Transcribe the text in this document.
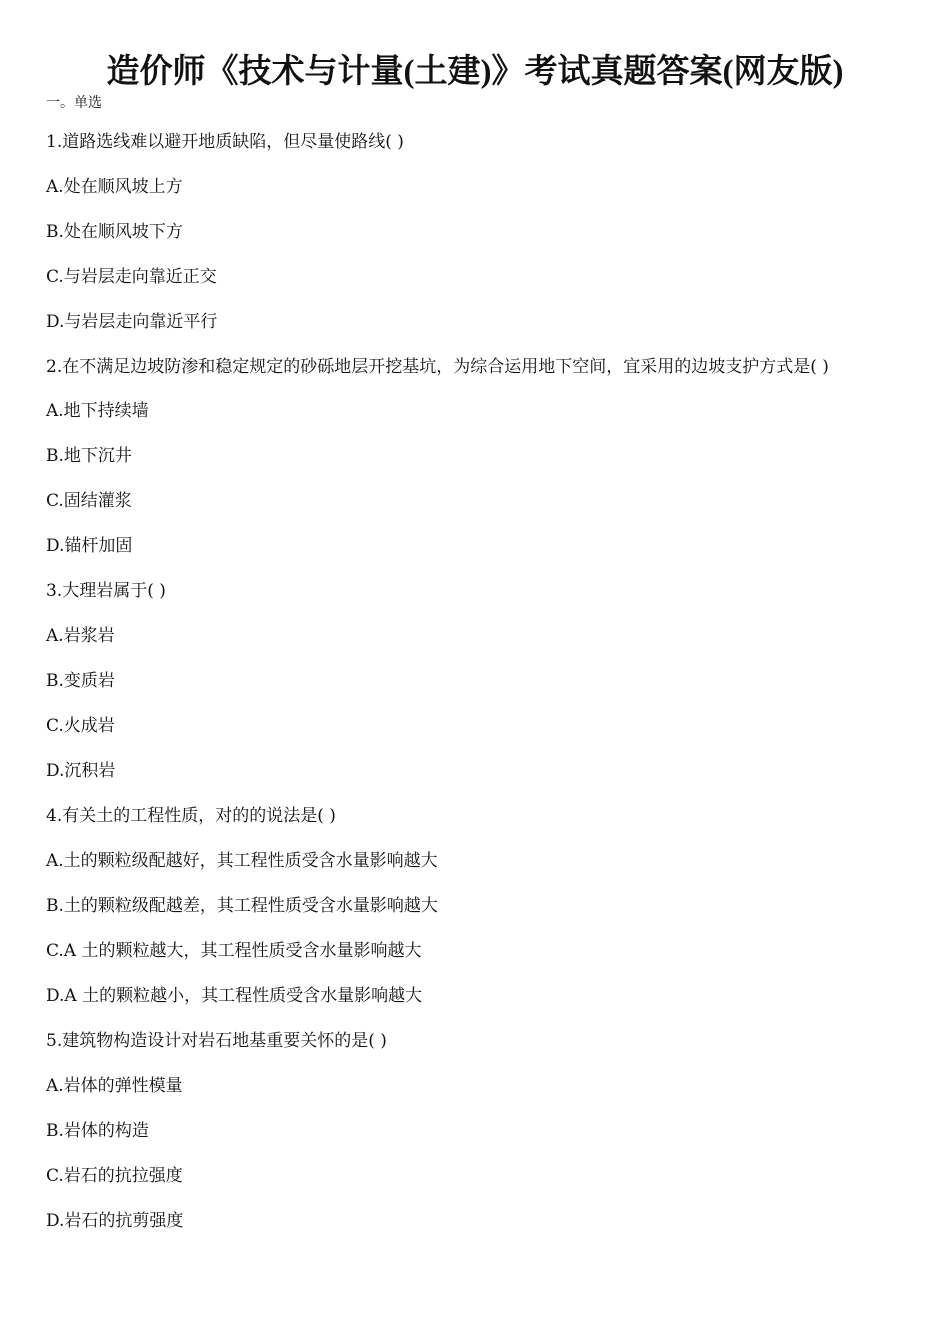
造价师《技术与计量(土建)》考试真题答案(网友版)

一。单选

1.道路选线难以避开地质缺陷，但尽量使路线( )

A.处在顺风坡上方

B.处在顺风坡下方

C.与岩层走向靠近正交

D.与岩层走向靠近平行

2.在不满足边坡防渗和稳定规定的砂砾地层开挖基坑，为综合运用地下空间，宜采用的边坡支护方式是( )

A.地下持续墙

B.地下沉井

C.固结灌浆

D.锚杆加固

3.大理岩属于( )

A.岩浆岩

B.变质岩

C.火成岩

D.沉积岩

4.有关土的工程性质，对的的说法是( )

A.土的颗粒级配越好，其工程性质受含水量影响越大

B.土的颗粒级配越差，其工程性质受含水量影响越大

C.A 土的颗粒越大，其工程性质受含水量影响越大

D.A 土的颗粒越小，其工程性质受含水量影响越大

5.建筑物构造设计对岩石地基重要关怀的是( )

A.岩体的弹性模量

B.岩体的构造

C.岩石的抗拉强度

D.岩石的抗剪强度
